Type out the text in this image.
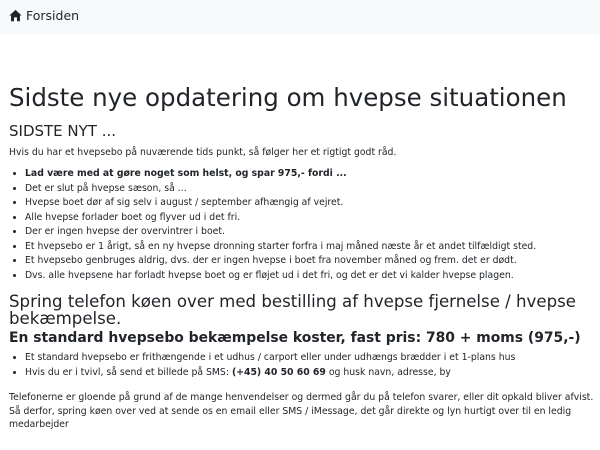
Forsiden
Sidste nye opdatering om hvepse situationen
SIDSTE NYT ...

Hvis du har et hvepsebo på nuværende tids punkt, så følger her et rigtigt godt råd.

• Lad være med at gøre noget som helst, og spar 975,- fordi ...
• Det er slut på hvepse sæson, så ...
• Hvepse boet dør af sig selv i august / september afhængig af vejret.
• Alle hvepse forlader boet og flyver ud i det fri.
• Der er ingen hvepse der overvintrer i boet.
• Et hvepsebo er 1 årigt, så en ny hvepse dronning starter forfra i maj måned næste år et andet tilfældigt sted.
• Et hvepsebo genbruges aldrig, dvs. der er ingen hvepse i boet fra november måned og frem. det er dødt.
• Dvs. alle hvepsene har forladt hvepse boet og er fløjet ud i det fri, og det er det vi kalder hvepse plagen.
Spring telefon køen over med bestilling af hvepse fjernelse / hvepse bekæmpelse.
En standard hvepsebo bekæmpelse koster, fast pris: 780 + moms (975,-)
• Et standard hvepsebo er frithængende i et udhus / carport eller under udhængs brædder i et 1-plans hus
• Hvis du er i tvivl, så send et billede på SMS: (+45) 40 50 60 69 og husk navn, adresse, by

Telefonerne er gloende på grund af de mange henvendelser og dermed går du på telefon svarer, eller dit opkald bliver afvist.
Så derfor, spring køen over ved at sende os en email eller SMS / iMessage, det går direkte og lyn hurtigt over til en ledig medarbejder
